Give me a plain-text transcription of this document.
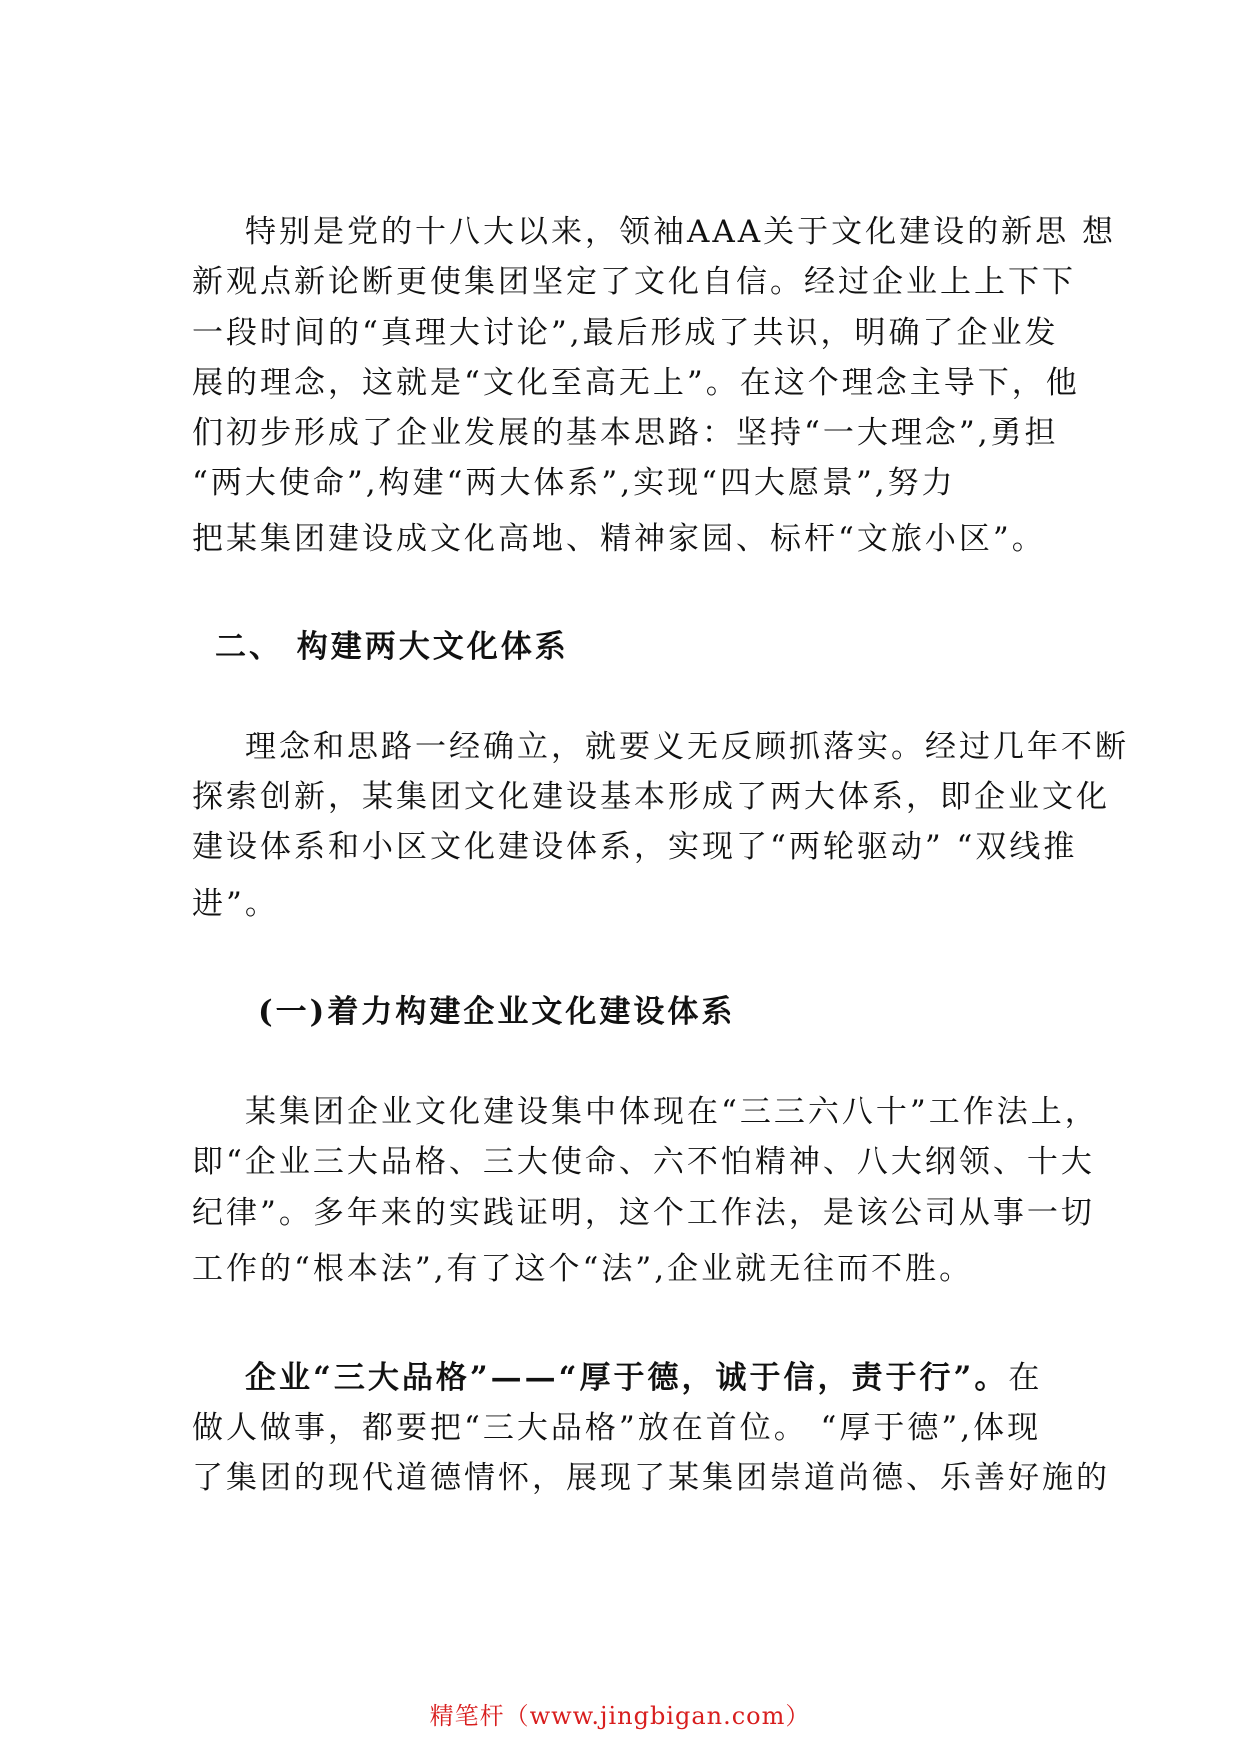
特别是党的十八大以来，领袖AAA关于文化建设的新思 想
新观点新论断更使集团坚定了文化自信。经过企业上上下下
一段时间的“真理大讨论”,最后形成了共识，明确了企业发
展的理念，这就是“文化至高无上”。在这个理念主导下，他
们初步形成了企业发展的基本思路：坚持“一大理念”,勇担
“两大使命”,构建“两大体系”,实现“四大愿景”,努力
把某集团建设成文化高地、精神家园、标杆“文旅小区”。
二、 构建两大文化体系
理念和思路一经确立，就要义无反顾抓落实。经过几年不断
探索创新，某集团文化建设基本形成了两大体系，即企业文化
建设体系和小区文化建设体系，实现了“两轮驱动” “双线推
进”。
(一)着力构建企业文化建设体系
某集团企业文化建设集中体现在“三三六八十”工作法上，
即“企业三大品格、三大使命、六不怕精神、八大纲领、十大
纪律”。多年来的实践证明，这个工作法，是该公司从事一切
工作的“根本法”,有了这个“法”,企业就无往而不胜。
企业“三大品格”——“厚于德，诚于信，责于行”。在
做人做事，都要把“三大品格”放在首位。 “厚于德”,体现
了集团的现代道德情怀，展现了某集团崇道尚德、乐善好施的
精笔杆（www.jingbigan.com）
